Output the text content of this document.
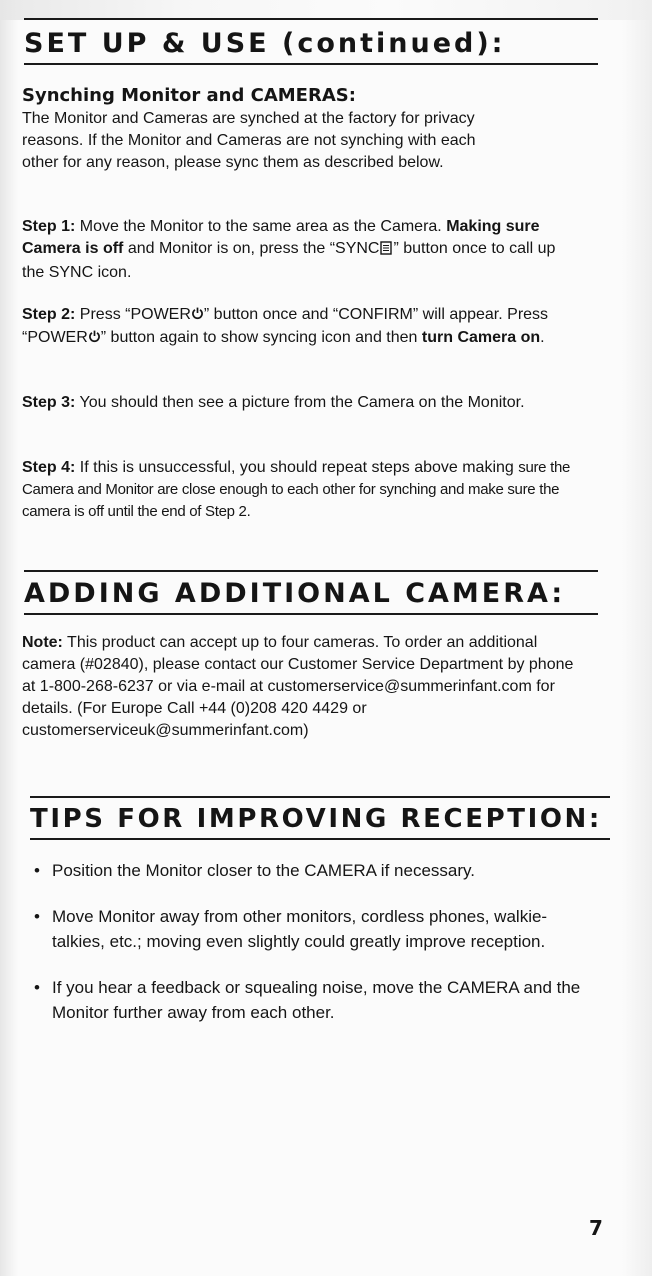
SET UP & USE (continued):
Synching Monitor and CAMERAS:
The Monitor and Cameras are synched at the factory for privacy reasons. If the Monitor and Cameras are not synching with each other for any reason, please sync them as described below.
Step 1: Move the Monitor to the same area as the Camera. Making sure Camera is off and Monitor is on, press the “SYNC ” button once to call up the SYNC icon.
Step 2: Press “POWER ” button once and “CONFIRM” will appear. Press “POWER ” button again to show syncing icon and then turn Camera on.
Step 3: You should then see a picture from the Camera on the Monitor.
Step 4: If this is unsuccessful, you should repeat steps above making sure the Camera and Monitor are close enough to each other for synching and make sure the camera is off until the end of Step 2.
ADDING ADDITIONAL CAMERA:
Note: This product can accept up to four cameras. To order an additional camera (#02840), please contact our Customer Service Department by phone at 1-800-268-6237 or via e-mail at customerservice@summerinfant.com for details. (For Europe Call +44 (0)208 420 4429 or customerserviceuk@summerinfant.com)
TIPS FOR IMPROVING RECEPTION:
• Position the Monitor closer to the CAMERA if necessary.
• Move Monitor away from other monitors, cordless phones, walkie-talkies, etc.; moving even slightly could greatly improve reception.
• If you hear a feedback or squealing noise, move the CAMERA and the Monitor further away from each other.
7
